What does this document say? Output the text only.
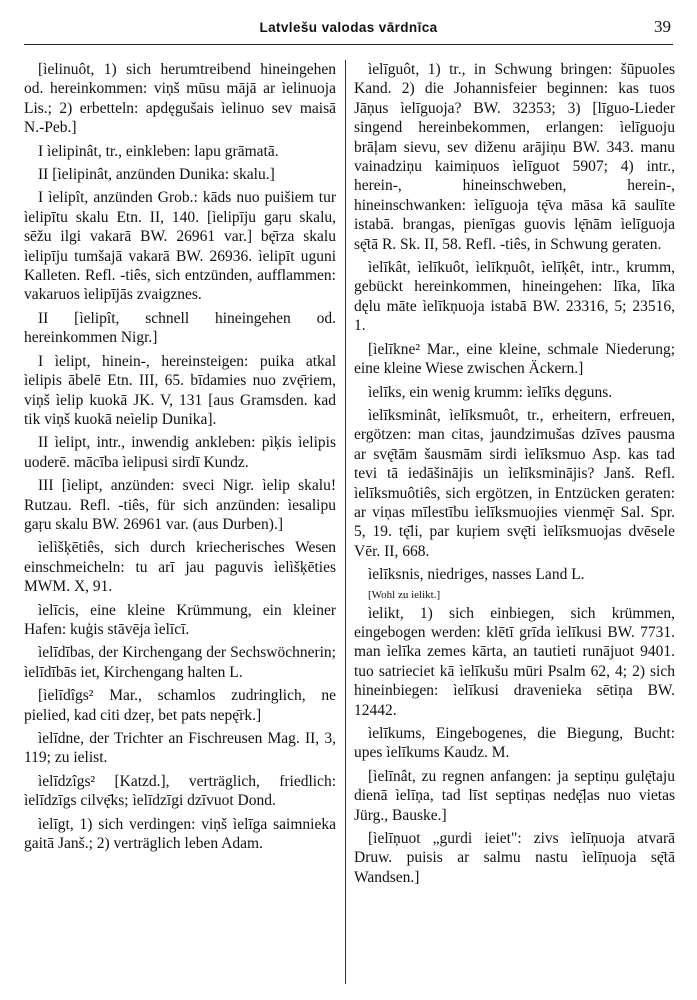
Latvlešu valodas vārdnīca	39

[ìelinuôt, 1) sich herumtreibend hineingehen od. hereinkommen: viņš mūsu mājā ar ìelinuoja Lis.; 2) erbetteln: apdęgušais ìelinuo sev maisā N.-Peb.]

I ìelipinât, tr., einkleben: lapu grāmatā.

II [ìelipinât, anzünden Dunika: skalu.]

I ìelipît, anzünden Grob.: kāds nuo puišiem tur ìelipītu skalu Etn. II, 140. [ìelipīju gaŗu skalu, sēžu ilgi vakarā BW. 26961 var.] bę̄rza skalu ìelipīju tumšajā vakarā BW. 26936. ìelipīt uguni Kalleten. Refl. -tiês, sich entzünden, aufflammen: vakaruos ìelipījās zvaigznes.

II [ìelipît, schnell hineingehen od. hereinkommen Nigr.]

I ìelipt, hinein-, hereinsteigen: puika atkal ìelipis ābelē Etn. III, 65. bīdamies nuo zvę̄riem, viņš ìelip kuokā JK. V, 131 [aus Gramsden. kad tik viņš kuokā neìelip Dunika].

II ìelipt, intr., inwendig ankleben: pìķis ìelipis uoderē. mācība ìelipusi sirdī Kundz.

III [ìelipt, anzünden: sveci Nigr. ìelip skalu! Rutzau. Refl. -tiês, für sich anzünden: ìesalipu gaŗu skalu BW. 26961 var. (aus Durben).]

ìelìšķētiês, sich durch kriecherisches Wesen einschmeicheln: tu arī jau paguvis ìelìšķēties MWM. X, 91.

ìelīcis, eine kleine Krümmung, ein kleiner Hafen: kuģis stāvēja ìelīcī.

ìelīdības, der Kirchengang der Sechswöchnerin; ìelīdībās iet, Kirchengang halten L.

[ìelīdîgs² Mar., schamlos zudringlich, ne pielied, kad citi dzeŗ, bet pats nepę̄rk.]

ìelīdne, der Trichter an Fischreusen Mag. II, 3, 119; zu ielist.

ìelīdzîgs² [Katzd.], verträglich, friedlich: ìelīdzīgs cilvę̄ks; ìelīdzīgi dzīvuot Dond.

ìelīgt, 1) sich verdingen: viņš ìelīga saimnieka gaitā Janš.; 2) verträglich leben Adam.

ìelīguôt, 1) tr., in Schwung bringen: šūpuoles Kand. 2) die Johannisfeier beginnen: kas tuos Jāņus ìelīguoja? BW. 32353; 3) [līguo-Lieder singend hereinbekommen, erlangen: ìelīguoju brāļam sievu, sev diženu arājiņu BW. 343. manu vainadziņu kaimiņuos ìelīguot 5907; 4) intr., herein-, hineinschweben, herein-, hineinschwanken: ìelīguoja tę̄va māsa kā saulīte istabā. brangas, pienīgas guovis lę̄nām ìelīguoja sę̄tā R. Sk. II, 58. Refl. -tiês, in Schwung geraten.

ìelīkât, ìelīkuôt, ìelīkņuôt, ìelīķêt, intr., krumm, gebückt hereinkommen, hineingehen: līka, līka dęlu māte ìelīkņuoja istabā BW. 23316, 5; 23516, 1.

[ìelīkne² Mar., eine kleine, schmale Niederung; eine kleine Wiese zwischen Äckern.]

ìelīks, ein wenig krumm: ìelīks dęguns.

ìelīksminât, ìelīksmuôt, tr., erheitern, erfreuen, ergötzen: man citas, jaundzimušas dzīves pausma ar svę̄tām šausmām sirdi ìelīksmuo Asp. kas tad tevi tā iedāšinājis un ìelīksminājis? Janš. Refl. ìelīksmuôtiês, sich ergötzen, in Entzücken geraten: ar viņas mīlestību ìelīksmuojies vienmę̄r Sal. Spr. 5, 19. tę̄li, par kuŗiem svę̄ti ìelīksmuojas dvēsele Vēr. II, 668.

ìelīksnis, niedriges, nasses Land L.

[Wohl zu ielikt.]

ìelikt, 1) sich einbiegen, sich krümmen, eingebogen werden: klētī grīda ìelīkusi BW. 7731. man ìelīka zemes kārta, an tautieti runājuot 9401. tuo satrieciet kā ìelīkušu mūri Psalm 62, 4; 2) sich hineinbiegen: ìelīkusi dravenieka sētiņa BW. 12442.

ìelīkums, Eingebogenes, die Biegung, Bucht: upes ìelīkums Kaudz. M.

[ìelīnât, zu regnen anfangen: ja septiņu gulę̄taju dienā ìelīņa, tad līst septiņas nedę̄ļas nuo vietas Jürg., Bauske.]

[ìelīņuot „gurdi ieiet": zivs ìelīņuoja atvarā Druw. puisis ar salmu nastu ìelīņuoja sę̄tā Wandsen.]
